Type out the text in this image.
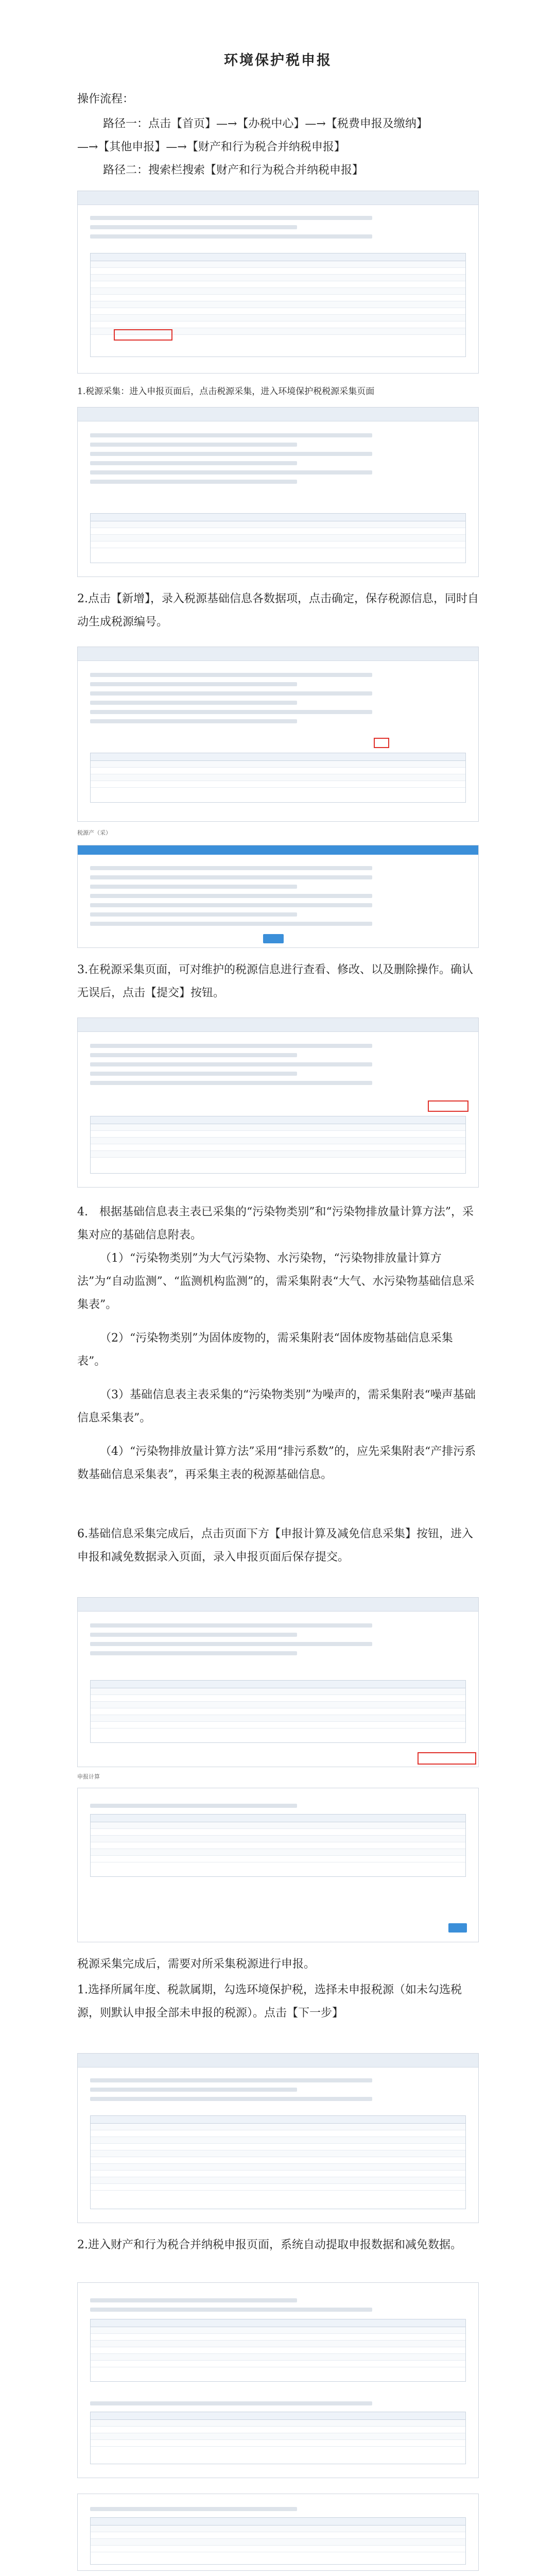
环境保护税申报
操作流程：
路径一：点击【首页】—→【办税中心】—→【税费申报及缴纳】
—→【其他申报】—→【财产和行为税合并纳税申报】
路径二：搜索栏搜索【财产和行为税合并纳税申报】
1.税源采集：进入申报页面后，点击税源采集，进入环境保护税税源采集页面
2.点击【新增】，录入税源基础信息各数据项，点击确定，保存税源信息，同时自动生成税源编号。
税源产（采）
3.在税源采集页面，可对维护的税源信息进行查看、修改、以及删除操作。确认无误后，点击【提交】按钮。
4.　根据基础信息表主表已采集的“污染物类别”和“污染物排放量计算方法”，采集对应的基础信息附表。
（1）“污染物类别”为大气污染物、水污染物，“污染物排放量计算方法”为“自动监测”、“监测机构监测”的，需采集附表“大气、水污染物基础信息采集表”。
（2）“污染物类别”为固体废物的，需采集附表“固体废物基础信息采集表”。
（3）基础信息表主表采集的“污染物类别”为噪声的，需采集附表“噪声基础信息采集表”。
（4）“污染物排放量计算方法”采用“排污系数”的，应先采集附表“产排污系数基础信息采集表”，再采集主表的税源基础信息。
6.基础信息采集完成后，点击页面下方【申报计算及减免信息采集】按钮，进入申报和减免数据录入页面，录入申报页面后保存提交。
申报计算
税源采集完成后，需要对所采集税源进行申报。
1.选择所属年度、税款属期，勾选环境保护税，选择未申报税源（如未勾选税源，则默认申报全部未申报的税源）。点击【下一步】
2.进入财产和行为税合并纳税申报页面，系统自动提取申报数据和减免数据。
